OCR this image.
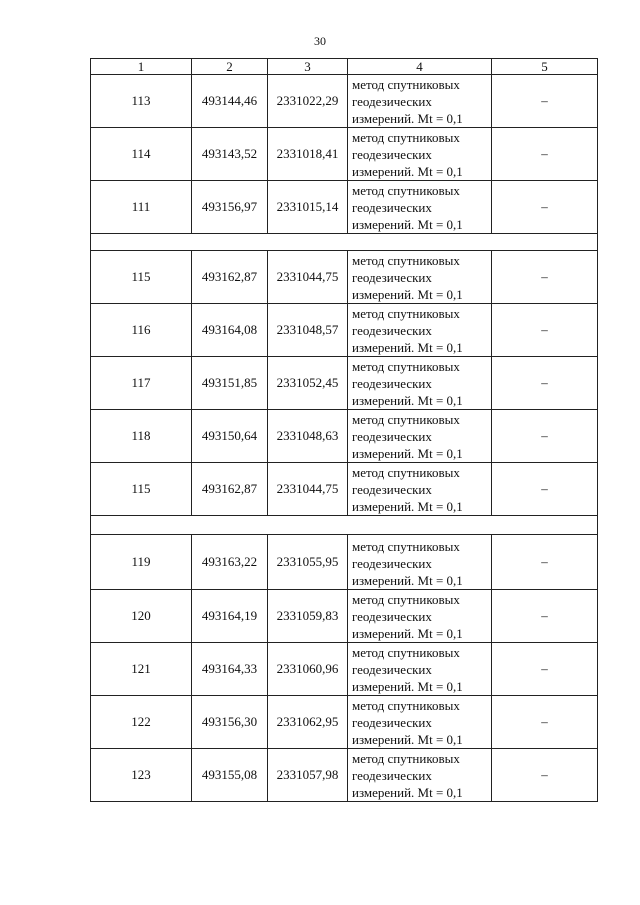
30
1	2	3	4	5
113	493144,46	2331022,29	метод спутниковых
геодезических
измерений. Mt = 0,1	–
114	493143,52	2331018,41	метод спутниковых
геодезических
измерений. Mt = 0,1	–
111	493156,97	2331015,14	метод спутниковых
геодезических
измерений. Mt = 0,1	–

115	493162,87	2331044,75	метод спутниковых
геодезических
измерений. Mt = 0,1	–
116	493164,08	2331048,57	метод спутниковых
геодезических
измерений. Mt = 0,1	–
117	493151,85	2331052,45	метод спутниковых
геодезических
измерений. Mt = 0,1	–
118	493150,64	2331048,63	метод спутниковых
геодезических
измерений. Mt = 0,1	–
115	493162,87	2331044,75	метод спутниковых
геодезических
измерений. Mt = 0,1	–

119	493163,22	2331055,95	метод спутниковых
геодезических
измерений. Mt = 0,1	–
120	493164,19	2331059,83	метод спутниковых
геодезических
измерений. Mt = 0,1	–
121	493164,33	2331060,96	метод спутниковых
геодезических
измерений. Mt = 0,1	–
122	493156,30	2331062,95	метод спутниковых
геодезических
измерений. Mt = 0,1	–
123	493155,08	2331057,98	метод спутниковых
геодезических
измерений. Mt = 0,1	–
